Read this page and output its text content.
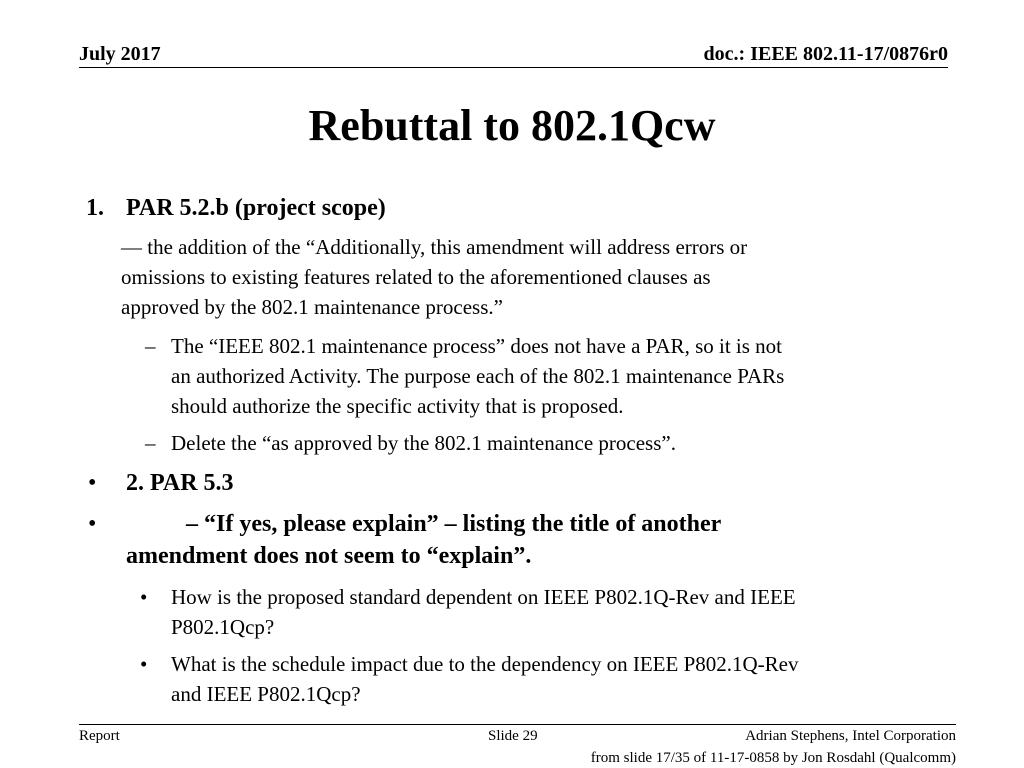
July 2017	doc.: IEEE 802.11-17/0876r0
Rebuttal to 802.1Qcw
1. PAR 5.2.b (project scope)
— the addition of the “Additionally, this amendment will address errors or
omissions to existing features related to the aforementioned clauses as
approved by the 802.1 maintenance process.”
– The “IEEE 802.1 maintenance process” does not have a PAR, so it is not
an authorized Activity. The purpose each of the 802.1 maintenance PARs
should authorize the specific activity that is proposed.
– Delete the “as approved by the 802.1 maintenance process”.
• 2. PAR 5.3
•	– “If yes, please explain” – listing the title of another
amendment does not seem to “explain”.
• How is the proposed standard dependent on IEEE P802.1Q-Rev and IEEE
P802.1Qcp?
• What is the schedule impact due to the dependency on IEEE P802.1Q-Rev
and IEEE P802.1Qcp?
Report	Slide 29	Adrian Stephens, Intel Corporation
from slide 17/35 of 11-17-0858 by Jon Rosdahl (Qualcomm)
